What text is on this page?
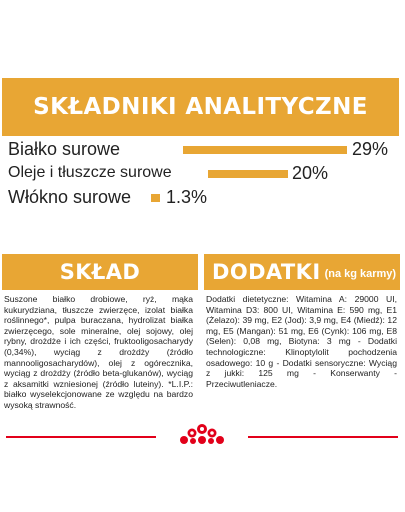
SKŁADNIKI ANALITYCZNE
Białko surowe	29%
Oleje i tłuszcze surowe	20%
Włókno surowe 1.3%
SKŁAD	DODATKI (na kg karmy)
Suszone białko drobiowe, ryż, mąka kukurydziana, tłuszcze zwierzęce, izolat białka roślinnego*, pulpa buraczana, hydrolizat białka zwierzęcego, sole mineralne, olej sojowy, olej rybny, drożdże i ich części, fruktooligosacharydy (0,34%), wyciąg z drożdży (źródło mannooligosacharydów), olej z ogórecznika, wyciąg z drożdży (źródło beta-glukanów), wyciąg z aksamitki wzniesionej (źródło luteiny). *L.I.P.: białko wyselekcjonowane ze względu na bardzo wysoką strawność.
Dodatki dietetyczne: Witamina A: 29000 UI, Witamina D3: 800 UI, Witamina E: 590 mg, E1 (Żelazo): 39 mg, E2 (Jod): 3,9 mg, E4 (Miedź): 12 mg, E5 (Mangan): 51 mg, E6 (Cynk): 106 mg, E8 (Selen): 0,08 mg, Biotyna: 3 mg - Dodatki technologiczne: Klinoptylolit pochodzenia osadowego: 10 g - Dodatki sensoryczne: Wyciąg z jukki: 125 mg - Konserwanty - Przeciwutleniacze.
